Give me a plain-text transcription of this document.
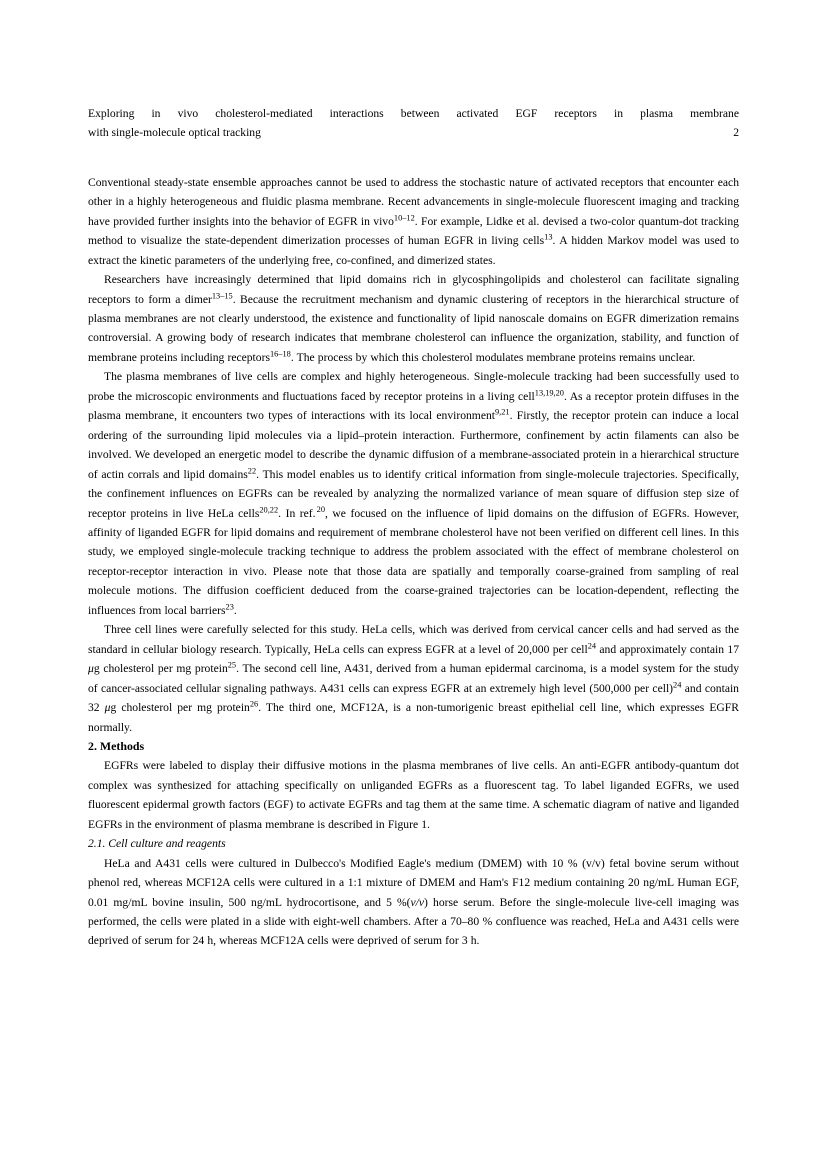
Exploring in vivo cholesterol-mediated interactions between activated EGF receptors in plasma membrane
with single-molecule optical tracking	2

Conventional steady-state ensemble approaches cannot be used to address the stochastic nature of activated receptors that encounter each other in a highly heterogeneous and fluidic plasma membrane. Recent advancements in single-molecule fluorescent imaging and tracking have provided further insights into the behavior of EGFR in vivo$^{10-12}$. For example, Lidke et al. devised a two-color quantum-dot tracking method to visualize the state-dependent dimerization processes of human EGFR in living cells$^{13}$. A hidden Markov model was used to extract the kinetic parameters of the underlying free, co-confined, and dimerized states.

Researchers have increasingly determined that lipid domains rich in glycosphingolipids and cholesterol can facilitate signaling receptors to form a dimer$^{13-15}$. Because the recruitment mechanism and dynamic clustering of receptors in the hierarchical structure of plasma membranes are not clearly understood, the existence and functionality of lipid nanoscale domains on EGFR dimerization remains controversial. A growing body of research indicates that membrane cholesterol can influence the organization, stability, and function of membrane proteins including receptors$^{16-18}$. The process by which this cholesterol modulates membrane proteins remains unclear.

The plasma membranes of live cells are complex and highly heterogeneous. Single-molecule tracking had been successfully used to probe the microscopic environments and fluctuations faced by receptor proteins in a living cell$^{13,19,20}$. As a receptor protein diffuses in the plasma membrane, it encounters two types of interactions with its local environment$^{9,21}$. Firstly, the receptor protein can induce a local ordering of the surrounding lipid molecules via a lipid–protein interaction. Furthermore, confinement by actin filaments can also be involved. We developed an energetic model to describe the dynamic diffusion of a membrane-associated protein in a hierarchical structure of actin corrals and lipid domains$^{22}$. This model enables us to identify critical information from single-molecule trajectories. Specifically, the confinement influences on EGFRs can be revealed by analyzing the normalized variance of mean square of diffusion step size of receptor proteins in live HeLa cells$^{20,22}$. In ref.$^{20}$, we focused on the influence of lipid domains on the diffusion of EGFRs. However, affinity of liganded EGFR for lipid domains and requirement of membrane cholesterol have not been verified on different cell lines. In this study, we employed single-molecule tracking technique to address the problem associated with the effect of membrane cholesterol on receptor-receptor interaction in vivo. Please note that those data are spatially and temporally coarse-grained from sampling of real molecule motions. The diffusion coefficient deduced from the coarse-grained trajectories can be location-dependent, reflecting the influences from local barriers$^{23}$.

Three cell lines were carefully selected for this study. HeLa cells, which was derived from cervical cancer cells and had served as the standard in cellular biology research. Typically, HeLa cells can express EGFR at a level of 20,000 per cell$^{24}$ and approximately contain 17 μg cholesterol per mg protein$^{25}$. The second cell line, A431, derived from a human epidermal carcinoma, is a model system for the study of cancer-associated cellular signaling pathways. A431 cells can express EGFR at an extremely high level (500,000 per cell)$^{24}$ and contain 32 μg cholesterol per mg protein$^{26}$. The third one, MCF12A, is a non-tumorigenic breast epithelial cell line, which expresses EGFR normally.

2. Methods

EGFRs were labeled to display their diffusive motions in the plasma membranes of live cells. An anti-EGFR antibody-quantum dot complex was synthesized for attaching specifically on unliganded EGFRs as a fluorescent tag. To label liganded EGFRs, we used fluorescent epidermal growth factors (EGF) to activate EGFRs and tag them at the same time. A schematic diagram of native and liganded EGFRs in the environment of plasma membrane is described in Figure 1.

2.1. Cell culture and reagents

HeLa and A431 cells were cultured in Dulbecco's Modified Eagle's medium (DMEM) with 10 % (v/v) fetal bovine serum without phenol red, whereas MCF12A cells were cultured in a 1:1 mixture of DMEM and Ham's F12 medium containing 20 ng/mL Human EGF, 0.01 mg/mL bovine insulin, 500 ng/mL hydrocortisone, and 5 %(v/v) horse serum. Before the single-molecule live-cell imaging was performed, the cells were plated in a slide with eight-well chambers. After a 70–80 % confluence was reached, HeLa and A431 cells were deprived of serum for 24 h, whereas MCF12A cells were deprived of serum for 3 h.
